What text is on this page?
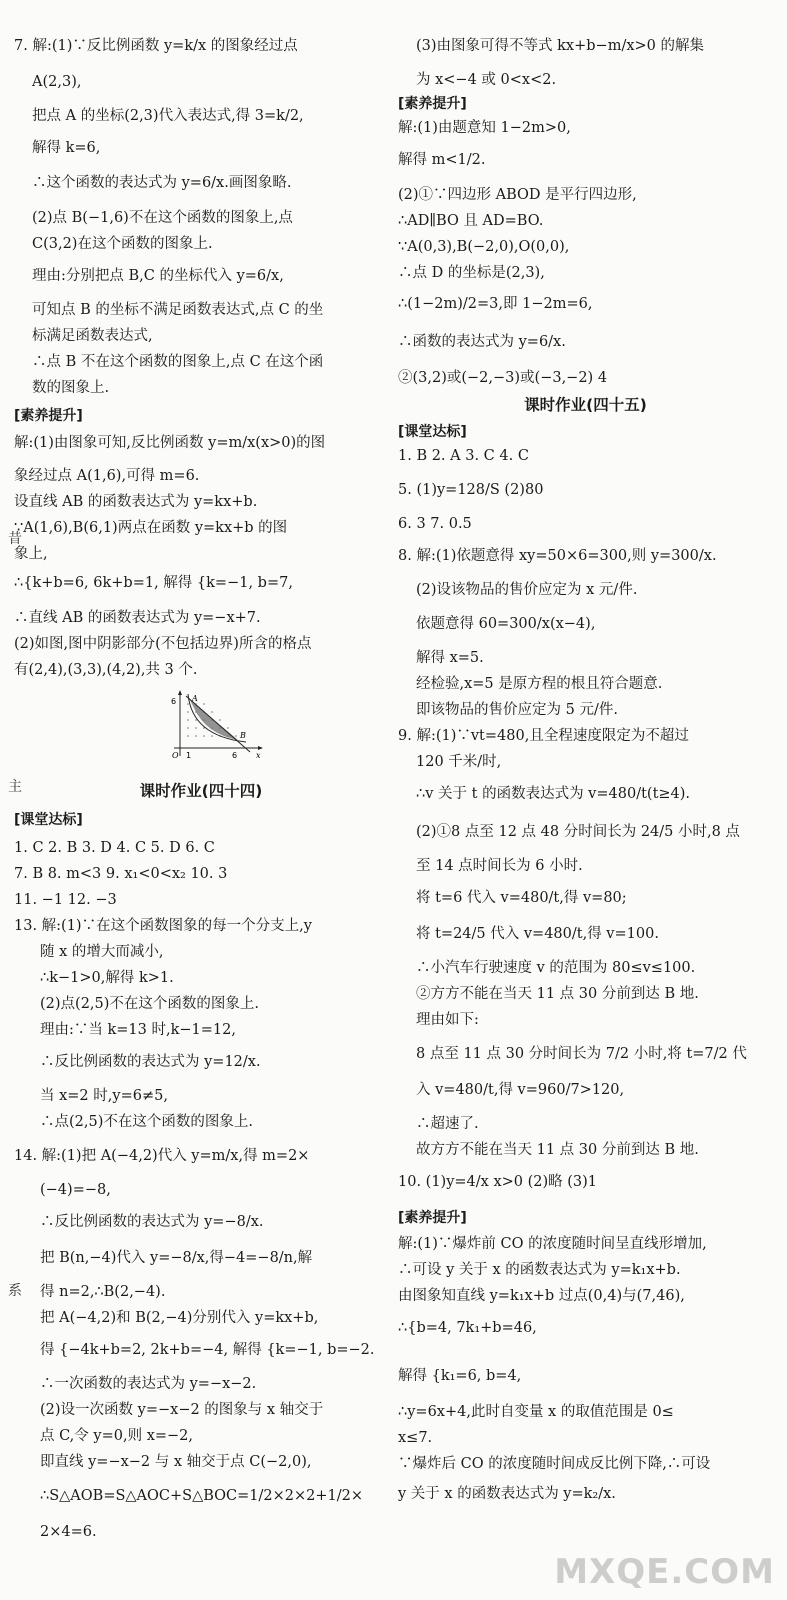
7. 解:(1)∵反比例函数 y=k/x 的图象经过点
A(2,3),
把点 A 的坐标(2,3)代入表达式,得 3=k/2,
解得 k=6,
∴这个函数的表达式为 y=6/x.画图象略.
(2)点 B(−1,6)不在这个函数的图象上,点
C(3,2)在这个函数的图象上.
理由:分别把点 B,C 的坐标代入 y=6/x,
可知点 B 的坐标不满足函数表达式,点 C 的坐
标满足函数表达式,
∴点 B 不在这个函数的图象上,点 C 在这个函
数的图象上.
解:(1)由图象可知,反比例函数 y=m/x(x>0)的图
象经过点 A(1,6),可得 m=6.
设直线 AB 的函数表达式为 y=kx+b.
∵A(1,6),B(6,1)两点在函数 y=kx+b 的图
象上,
∴{k+b=6, 6k+b=1, 解得 {k=−1, b=7,
∴直线 AB 的函数表达式为 y=−x+7.
(2)如图,图中阴影部分(不包括边界)所含的格点
有(2,4),(3,3),(4,2),共 3 个.
1. C 2. B 3. D 4. C 5. D 6. C
7. B 8. m<3 9. x₁<0<x₂ 10. 3
11. −1 12. −3
13. 解:(1)∵在这个函数图象的每一个分支上,y
随 x 的增大而减小,
∴k−1>0,解得 k>1.
(2)点(2,5)不在这个函数的图象上.
理由:∵当 k=13 时,k−1=12,
∴反比例函数的表达式为 y=12/x.
当 x=2 时,y=6≠5,
∴点(2,5)不在这个函数的图象上.
14. 解:(1)把 A(−4,2)代入 y=m/x,得 m=2×
(−4)=−8,
∴反比例函数的表达式为 y=−8/x.
把 B(n,−4)代入 y=−8/x,得−4=−8/n,解
得 n=2,∴B(2,−4).
把 A(−4,2)和 B(2,−4)分别代入 y=kx+b,
得 {−4k+b=2, 2k+b=−4, 解得 {k=−1, b=−2.
∴一次函数的表达式为 y=−x−2.
(2)设一次函数 y=−x−2 的图象与 x 轴交于
点 C,令 y=0,则 x=−2,
即直线 y=−x−2 与 x 轴交于点 C(−2,0),
∴S△AOB=S△AOC+S△BOC=1/2×2×2+1/2×
2×4=6.
课时作业(四十四)
[素养提升]
[课堂达标]
(3)由图象可得不等式 kx+b−m/x>0 的解集
为 x<−4 或 0<x<2.
解:(1)由题意知 1−2m>0,
解得 m<1/2.
(2)①∵四边形 ABOD 是平行四边形,
∴AD∥BO 且 AD=BO.
∵A(0,3),B(−2,0),O(0,0),
∴点 D 的坐标是(2,3),
∴(1−2m)/2=3,即 1−2m=6,
∴函数的表达式为 y=6/x.
②(3,2)或(−2,−3)或(−3,−2) 4
1. B 2. A 3. C 4. C
5. (1)y=128/S (2)80
6. 3 7. 0.5
8. 解:(1)依题意得 xy=50×6=300,则 y=300/x.
(2)设该物品的售价应定为 x 元/件.
依题意得 60=300/x(x−4),
解得 x=5.
经检验,x=5 是原方程的根且符合题意.
即该物品的售价应定为 5 元/件.
9. 解:(1)∵vt=480,且全程速度限定为不超过
120 千米/时,
∴v 关于 t 的函数表达式为 v=480/t(t≥4).
(2)①8 点至 12 点 48 分时间长为 24/5 小时,8 点
至 14 点时间长为 6 小时.
将 t=6 代入 v=480/t,得 v=80;
将 t=24/5 代入 v=480/t,得 v=100.
∴小汽车行驶速度 v 的范围为 80≤v≤100.
②方方不能在当天 11 点 30 分前到达 B 地.
理由如下:
8 点至 11 点 30 分时间长为 7/2 小时,将 t=7/2 代
入 v=480/t,得 v=960/7>120,
∴超速了.
故方方不能在当天 11 点 30 分前到达 B 地.
10. (1)y=4/x x>0 (2)略 (3)1
解:(1)∵爆炸前 CO 的浓度随时间呈直线形增加,
∴可设 y 关于 x 的函数表达式为 y=k₁x+b.
由图象知直线 y=k₁x+b 过点(0,4)与(7,46),
∴{b=4, 7k₁+b=46,
解得 {k₁=6, b=4,
∴y=6x+4,此时自变量 x 的取值范围是 0≤
x≤7.
∵爆炸后 CO 的浓度随时间成反比例下降,∴可设
y 关于 x 的函数表达式为 y=k₂/x.
课时作业(四十五)
[素养提升]
[课堂达标]
[素养提升]
昔
主
系
6 A
B
1	6
O	x
MXQE.COM
